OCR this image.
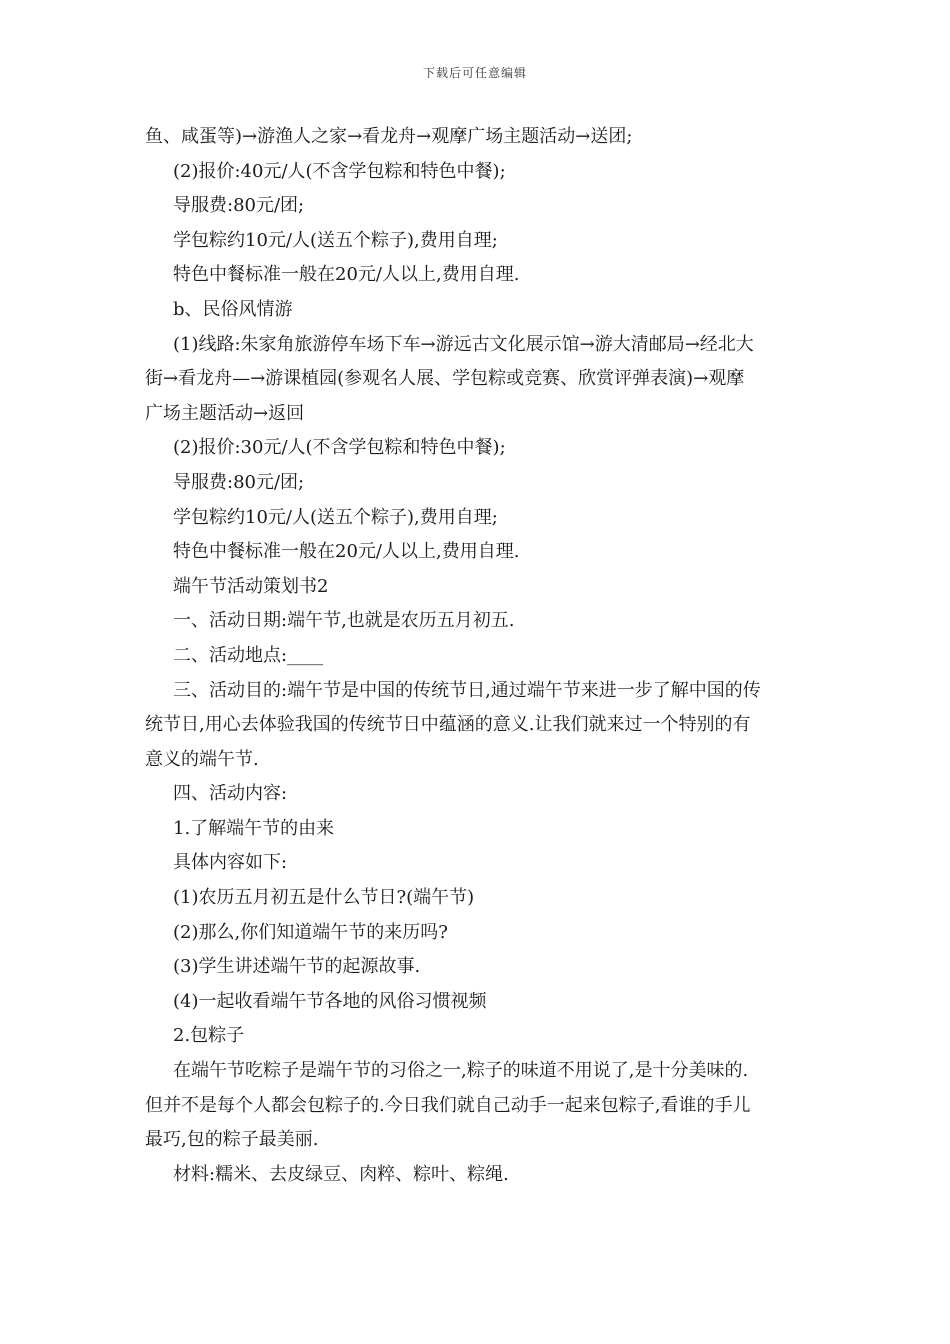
下载后可任意编辑
鱼、咸蛋等)→游渔人之家→看龙舟→观摩广场主题活动→送团;
(2)报价:40元/人(不含学包粽和特色中餐);
导服费:80元/团;
学包粽约10元/人(送五个粽子),费用自理;
特色中餐标准一般在20元/人以上,费用自理.
b、民俗风情游
(1)线路:朱家角旅游停车场下车→游远古文化展示馆→游大清邮局→经北大
街→看龙舟—→游课植园(参观名人展、学包粽或竞赛、欣赏评弹表演)→观摩
广场主题活动→返回
(2)报价:30元/人(不含学包粽和特色中餐);
导服费:80元/团;
学包粽约10元/人(送五个粽子),费用自理;
特色中餐标准一般在20元/人以上,费用自理.
端午节活动策划书2
一、活动日期:端午节,也就是农历五月初五.
二、活动地点:____
三、活动目的:端午节是中国的传统节日,通过端午节来进一步了解中国的传
统节日,用心去体验我国的传统节日中蕴涵的意义.让我们就来过一个特别的有
意义的端午节.
四、活动内容:
1.了解端午节的由来
具体内容如下:
(1)农历五月初五是什么节日?(端午节)
(2)那么,你们知道端午节的来历吗?
(3)学生讲述端午节的起源故事.
(4)一起收看端午节各地的风俗习惯视频
2.包粽子
在端午节吃粽子是端午节的习俗之一,粽子的味道不用说了,是十分美味的.
但并不是每个人都会包粽子的.今日我们就自己动手一起来包粽子,看谁的手儿
最巧,包的粽子最美丽.
材料:糯米、去皮绿豆、肉粹、粽叶、粽绳.
